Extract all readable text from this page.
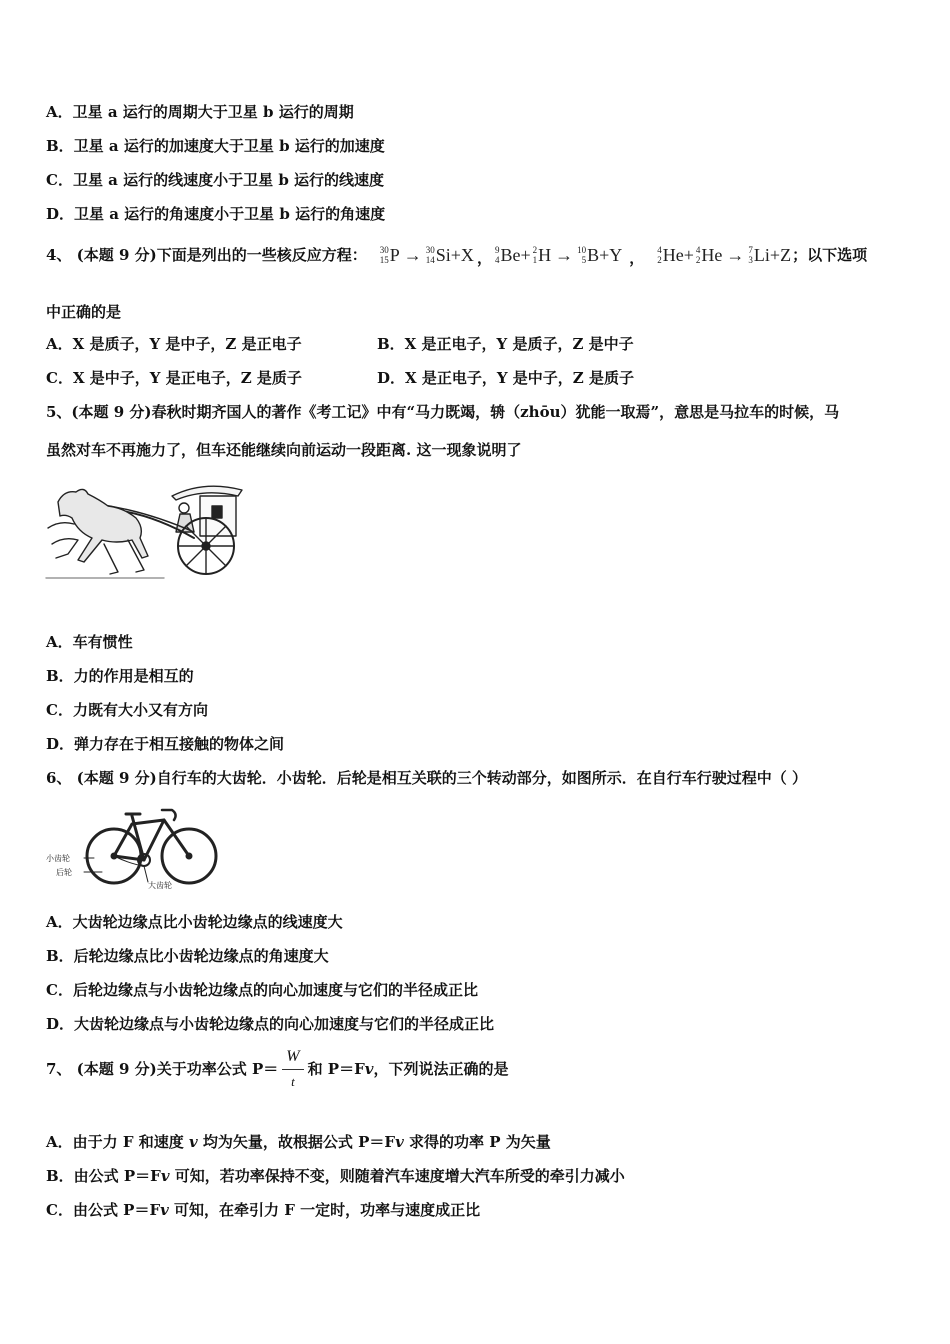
A．卫星 a 运行的周期大于卫星 b 运行的周期
B．卫星 a 运行的加速度大于卫星 b 运行的加速度
C．卫星 a 运行的线速度小于卫星 b 运行的线速度
D．卫星 a 运行的角速度小于卫星 b 运行的角速度
4、 (本题 9 分)下面是列出的一些核反应方程： 30
15 P → 30
14 Si+X ， 9
4 Be+ 2
1 H → 10
5 B+Y ， 4
2 He+ 4
2 He → 7
3 Li+Z ；以下选项
中正确的是
A．X 是质子，Y 是中子，Z 是正电子	B．X 是正电子，Y 是质子，Z 是中子
C．X 是中子，Y 是正电子，Z 是质子	D．X 是正电子，Y 是中子，Z 是质子
5、(本题 9 分)春秋时期齐国人的著作《考工记》中有“马力既竭，辀（zhōu）犹能一取焉”，意思是马拉车的时候，马
虽然对车不再施力了，但车还能继续向前运动一段距离. 这一现象说明了
A．车有惯性
B．力的作用是相互的
C．力既有大小又有方向
D．弹力存在于相互接触的物体之间
6、 (本题 9 分)自行车的大齿轮．小齿轮．后轮是相互关联的三个转动部分，如图所示．在自行车行驶过程中（ ）
小齿轮
后轮
大齿轮
A．大齿轮边缘点比小齿轮边缘点的线速度大
B．后轮边缘点比小齿轮边缘点的角速度大
C．后轮边缘点与小齿轮边缘点的向心加速度与它们的半径成正比
D．大齿轮边缘点与小齿轮边缘点的向心加速度与它们的半径成正比
7、 (本题 9 分)关于功率公式 $P= \frac{W}{t}$ 和 P＝F v ，下列说法正确的是
A．由于力 F 和速度 v 均为矢量，故根据公式 P＝Fv 求得的功率 P 为矢量
B．由公式 P＝Fv 可知，若功率保持不变，则随着汽车速度增大汽车所受的牵引力减小
C．由公式 P＝Fv 可知，在牵引力 F 一定时，功率与速度成正比
